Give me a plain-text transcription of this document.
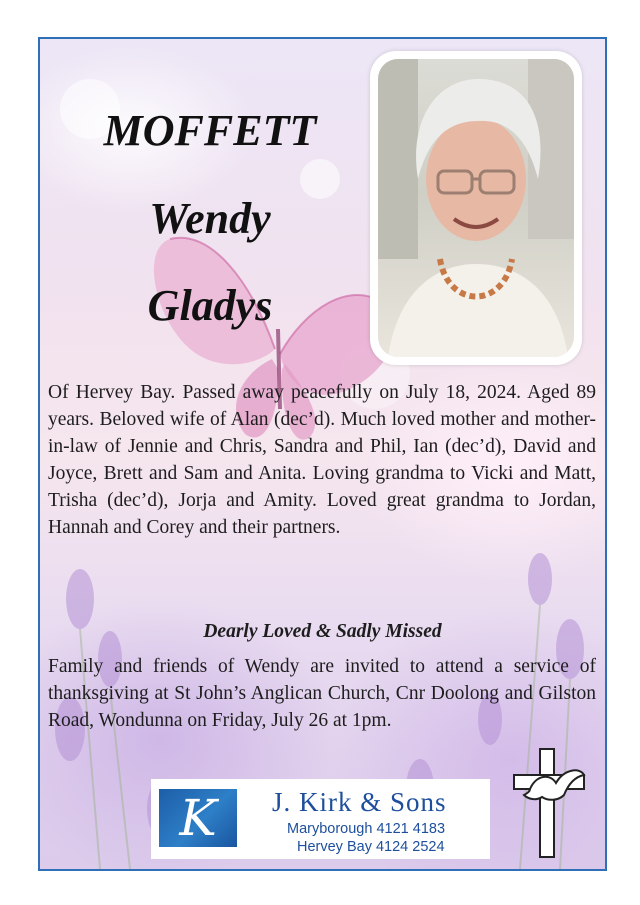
MOFFETT
Wendy
Gladys
Of Hervey Bay. Passed away peacefully on July 18, 2024. Aged 89 years. Beloved wife of Alan (dec’d). Much loved mother and mother-in-law of Jennie and Chris, Sandra and Phil, Ian (dec’d), David and Joyce, Brett and Sam and Anita. Loving grandma to Vicki and Matt, Trisha (dec’d), Jorja and Amity. Loved great grandma to Jordan, Hannah and Corey and their partners.
Dearly Loved & Sadly Missed
Family and friends of Wendy are invited to attend a service of thanksgiving at St John’s Anglican Church, Cnr Doolong and Gilston Road, Wondunna on Friday, July 26 at 1pm.
K	J. Kirk & Sons
Maryborough 4121 4183
Hervey Bay 4124 2524
